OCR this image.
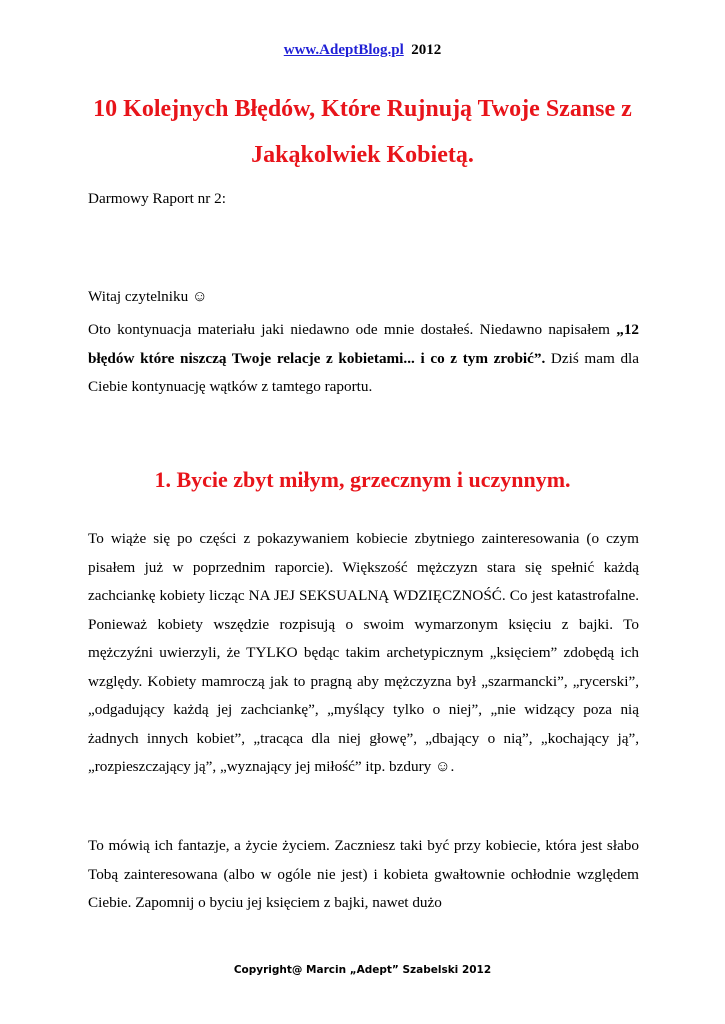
www.AdeptBlog.pl 2012
10 Kolejnych Błędów, Które Rujnują Twoje Szanse z Jakąkolwiek Kobietą.

Darmowy Raport nr 2:

Witaj czytelniku ☺

Oto kontynuacja materiału jaki niedawno ode mnie dostałeś. Niedawno napisałem „12 błędów które niszczą Twoje relacje z kobietami... i co z tym zrobić”. Dziś mam dla Ciebie kontynuację wątków z tamtego raportu.

1. Bycie zbyt miłym, grzecznym i uczynnym.

To wiąże się po części z pokazywaniem kobiecie zbytniego zainteresowania (o czym pisałem już w poprzednim raporcie). Większość mężczyzn stara się spełnić każdą zachciankę kobiety licząc NA JEJ SEKSUALNĄ WDZIĘCZNOŚĆ. Co jest katastrofalne. Ponieważ kobiety wszędzie rozpisują o swoim wymarzonym księciu z bajki. To mężczyźni uwierzyli, że TYLKO będąc takim archetypicznym „księciem” zdobędą ich względy. Kobiety mamroczą jak to pragną aby mężczyzna był „szarmancki”, „rycerski”, „odgadujący każdą jej zachciankę”, „myślący tylko o niej”, „nie widzący poza nią żadnych innych kobiet”, „tracąca dla niej głowę”, „dbający o nią”, „kochający ją”, „rozpieszczający ją”, „wyznający jej miłość” itp. bzdury ☺.

To mówią ich fantazje, a życie życiem. Zaczniesz taki być przy kobiecie, która jest słabo Tobą zainteresowana (albo w ogóle nie jest) i kobieta gwałtownie ochłodnie względem Ciebie. Zapomnij o byciu jej księciem z bajki, nawet dużo

Copyright@ Marcin „Adept” Szabelski 2012
